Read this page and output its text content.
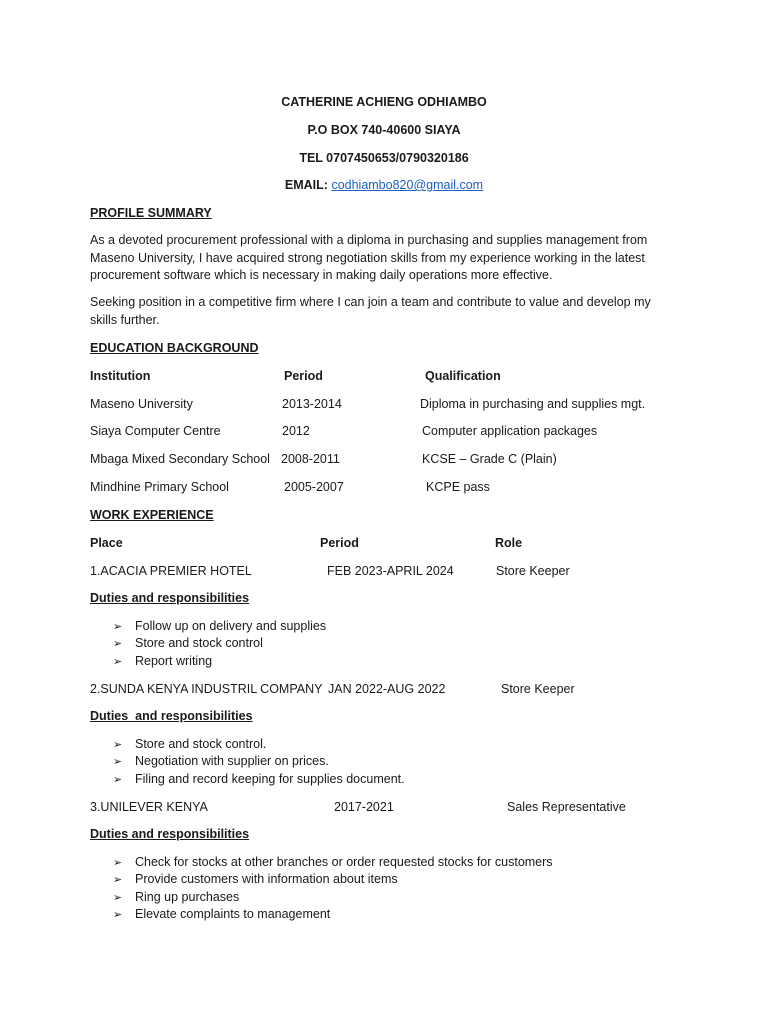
CATHERINE ACHIENG ODHIAMBO
P.O BOX 740-40600 SIAYA
TEL 0707450653/0790320186
EMAIL: codhiambo820@gmail.com
PROFILE SUMMARY
As a devoted procurement professional with a diploma in purchasing and supplies management from Maseno University, I have acquired strong negotiation skills from my experience working in the latest procurement software which is necessary in making daily operations more effective.
Seeking position in a competitive firm where I can join a team and contribute to value and develop my skills further.
EDUCATION BACKGROUND
Institution	Period	Qualification
Maseno University	2013-2014	Diploma in purchasing and supplies mgt.
Siaya Computer Centre	2012	Computer application packages
Mbaga Mixed Secondary School 2008-2011	KCSE – Grade C (Plain)
Mindhine Primary School	2005-2007	KCPE pass
WORK EXPERIENCE
Place	Period	Role
1.ACACIA PREMIER HOTEL	FEB 2023-APRIL 2024	Store Keeper
Duties and responsibilities
➢ Follow up on delivery and supplies
➢ Store and stock control
➢ Report writing
2.SUNDA KENYA INDUSTRIL COMPANY JAN 2022-AUG 2022	Store Keeper
Duties  and responsibilities
➢ Store and stock control.
➢ Negotiation with supplier on prices.
➢ Filing and record keeping for supplies document.
3.UNILEVER KENYA	2017-2021	Sales Representative
Duties and responsibilities
➢ Check for stocks at other branches or order requested stocks for customers
➢ Provide customers with information about items
➢ Ring up purchases
➢ Elevate complaints to management
